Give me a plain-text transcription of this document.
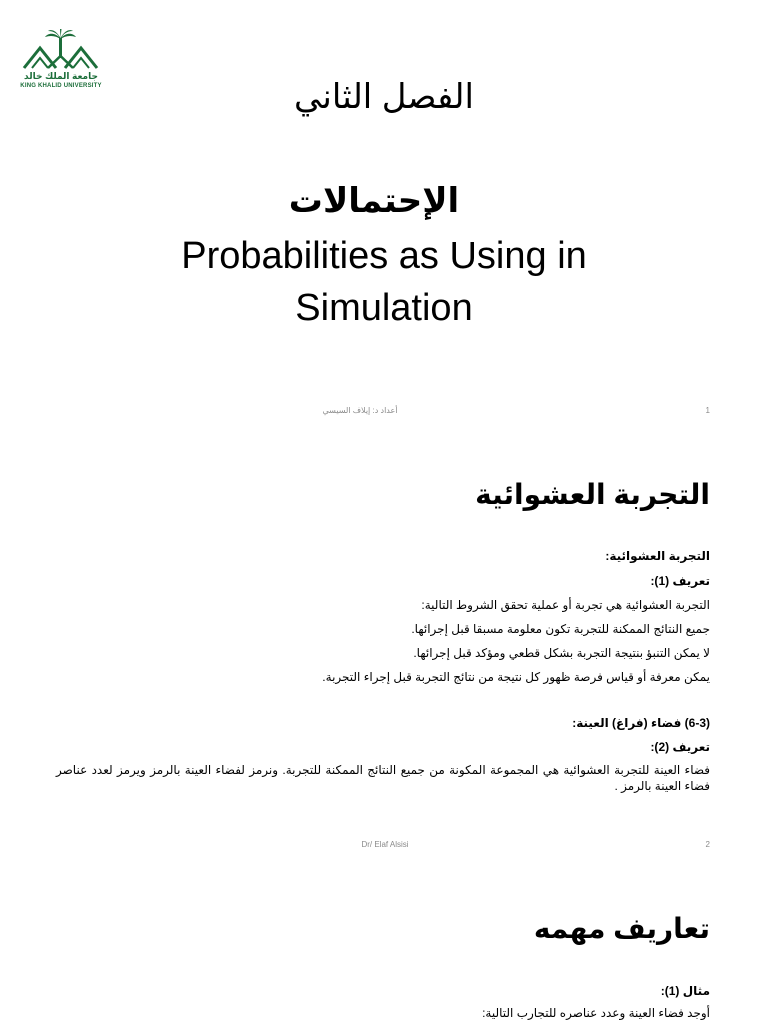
جامعة الملك خالد
KING KHALID UNIVERSITY	الفصل الثاني
الإحتمالات
Probabilities as Using in
Simulation
أعداد د: إيلاف السيسي	1
التجربة العشوائية
التجربة العشوائية:
تعريف (1):
التجربة العشوائية هي تجربة أو عملية تحقق الشروط التالية:
جميع النتائج الممكنة للتجربة تكون معلومة مسبقا قبل إجرائها.
لا يمكن التنبؤ بنتيجة التجربة بشكل قطعي ومؤكد قبل إجرائها.
يمكن معرفة أو قياس فرصة ظهور كل نتيجة من نتائج التجربة قبل إجراء التجربة.
(6-3) فضاء (فراغ) العينة:
تعريف (2):
فضاء العينة للتجربة العشوائية هي المجموعة المكونة من جميع النتائج الممكنة للتجربة. ونرمز لفضاء العينة بالرمز ويرمز لعدد عناصر فضاء العينة بالرمز .
Dr/ Elaf Alsisi	2
تعاريف مهمه
مثال (1):
أوجد فضاء العينة وعدد عناصره للتجارب التالية:
